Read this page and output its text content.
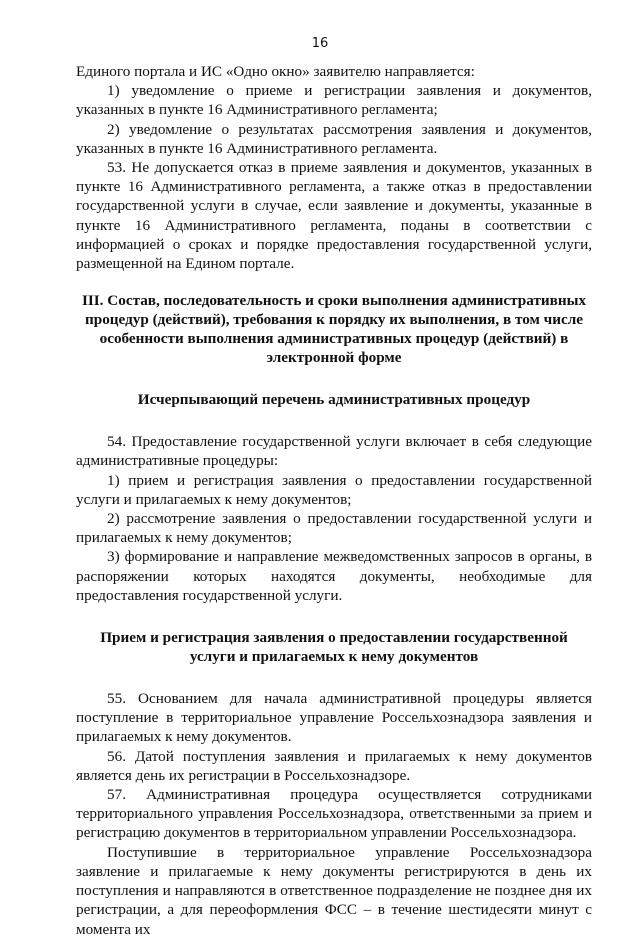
16

Единого портала и ИС «Одно окно» заявителю направляется:

1) уведомление о приеме и регистрации заявления и документов, указанных в пункте 16 Административного регламента;

2) уведомление о результатах рассмотрения заявления и документов, указанных в пункте 16 Административного регламента.

53. Не допускается отказ в приеме заявления и документов, указанных в пункте 16 Административного регламента, а также отказ в предоставлении государственной услуги в случае, если заявление и документы, указанные в пункте 16 Административного регламента, поданы в соответствии с информацией о сроках и порядке предоставления государственной услуги, размещенной на Едином портале.

III. Состав, последовательность и сроки выполнения административных процедур (действий), требования к порядку их выполнения, в том числе особенности выполнения административных процедур (действий) в электронной форме

Исчерпывающий перечень административных процедур

54. Предоставление государственной услуги включает в себя следующие административные процедуры:

1) прием и регистрация заявления о предоставлении государственной услуги и прилагаемых к нему документов;

2) рассмотрение заявления о предоставлении государственной услуги и прилагаемых к нему документов;

3) формирование и направление межведомственных запросов в органы, в распоряжении которых находятся документы, необходимые для предоставления государственной услуги.

Прием и регистрация заявления о предоставлении государственной услуги и прилагаемых к нему документов

55. Основанием для начала административной процедуры является поступление в территориальное управление Россельхознадзора заявления и прилагаемых к нему документов.

56. Датой поступления заявления и прилагаемых к нему документов является день их регистрации в Россельхознадзоре.

57. Административная процедура осуществляется сотрудниками территориального управления Россельхознадзора, ответственными за прием и регистрацию документов в территориальном управлении Россельхознадзора.

Поступившие в территориальное управление Россельхознадзора заявление и прилагаемые к нему документы регистрируются в день их поступления и направляются в ответственное подразделение не позднее дня их регистрации, а для переоформления ФСС – в течение шестидесяти минут с момента их
